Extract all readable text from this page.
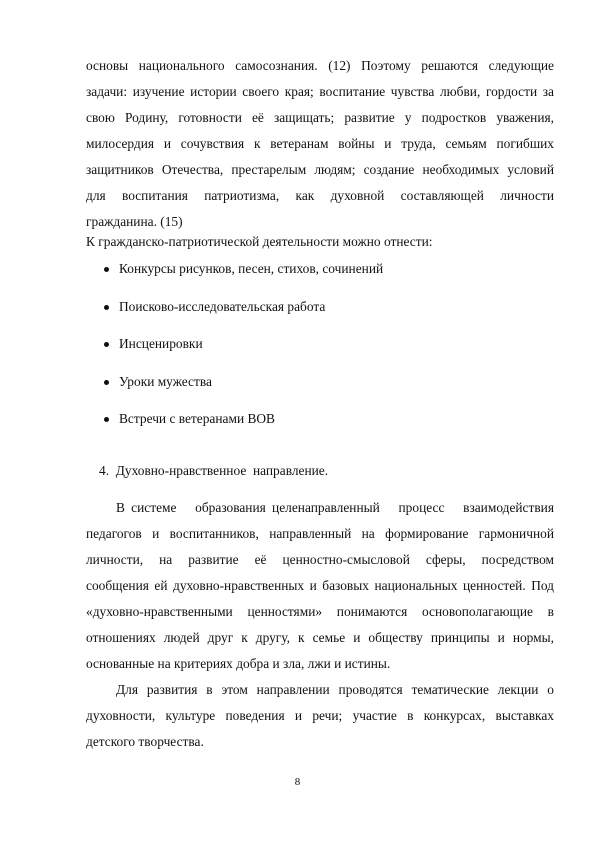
основы национального самосознания. (12) Поэтому решаются следующие
задачи: изучение истории своего края; воспитание чувства любви, гордости за
свою Родину, готовности её защищать; развитие у подростков уважения,
милосердия и сочувствия к ветеранам войны и труда, семьям погибших
защитников Отечества, престарелым людям; создание необходимых условий
для воспитания патриотизма, как духовной составляющей личности
гражданина. (15)
К гражданско-патриотической деятельности можно отнести:
Конкурсы рисунков, песен, стихов, сочинений
Поисково-исследовательская работа
Инсценировки
Уроки мужества
Встречи с ветеранами ВОВ
4.  Духовно-нравственное  направление.
В системе   образования целенаправленный   процесс   взаимодействия
педагогов и воспитанников, направленный на формирование гармоничной
личности, на развитие её ценностно-смысловой сферы, посредством
сообщения ей духовно-нравственных и базовых национальных ценностей. Под
«духовно-нравственными ценностями» понимаются основополагающие в
отношениях людей друг к другу, к семье и обществу принципы и нормы,
основанные на критериях добра и зла, лжи и истины.
Для развития в этом направлении проводятся тематические лекции о
духовности, культуре поведения и речи; участие в конкурсах, выставках
детского творчества.
8
